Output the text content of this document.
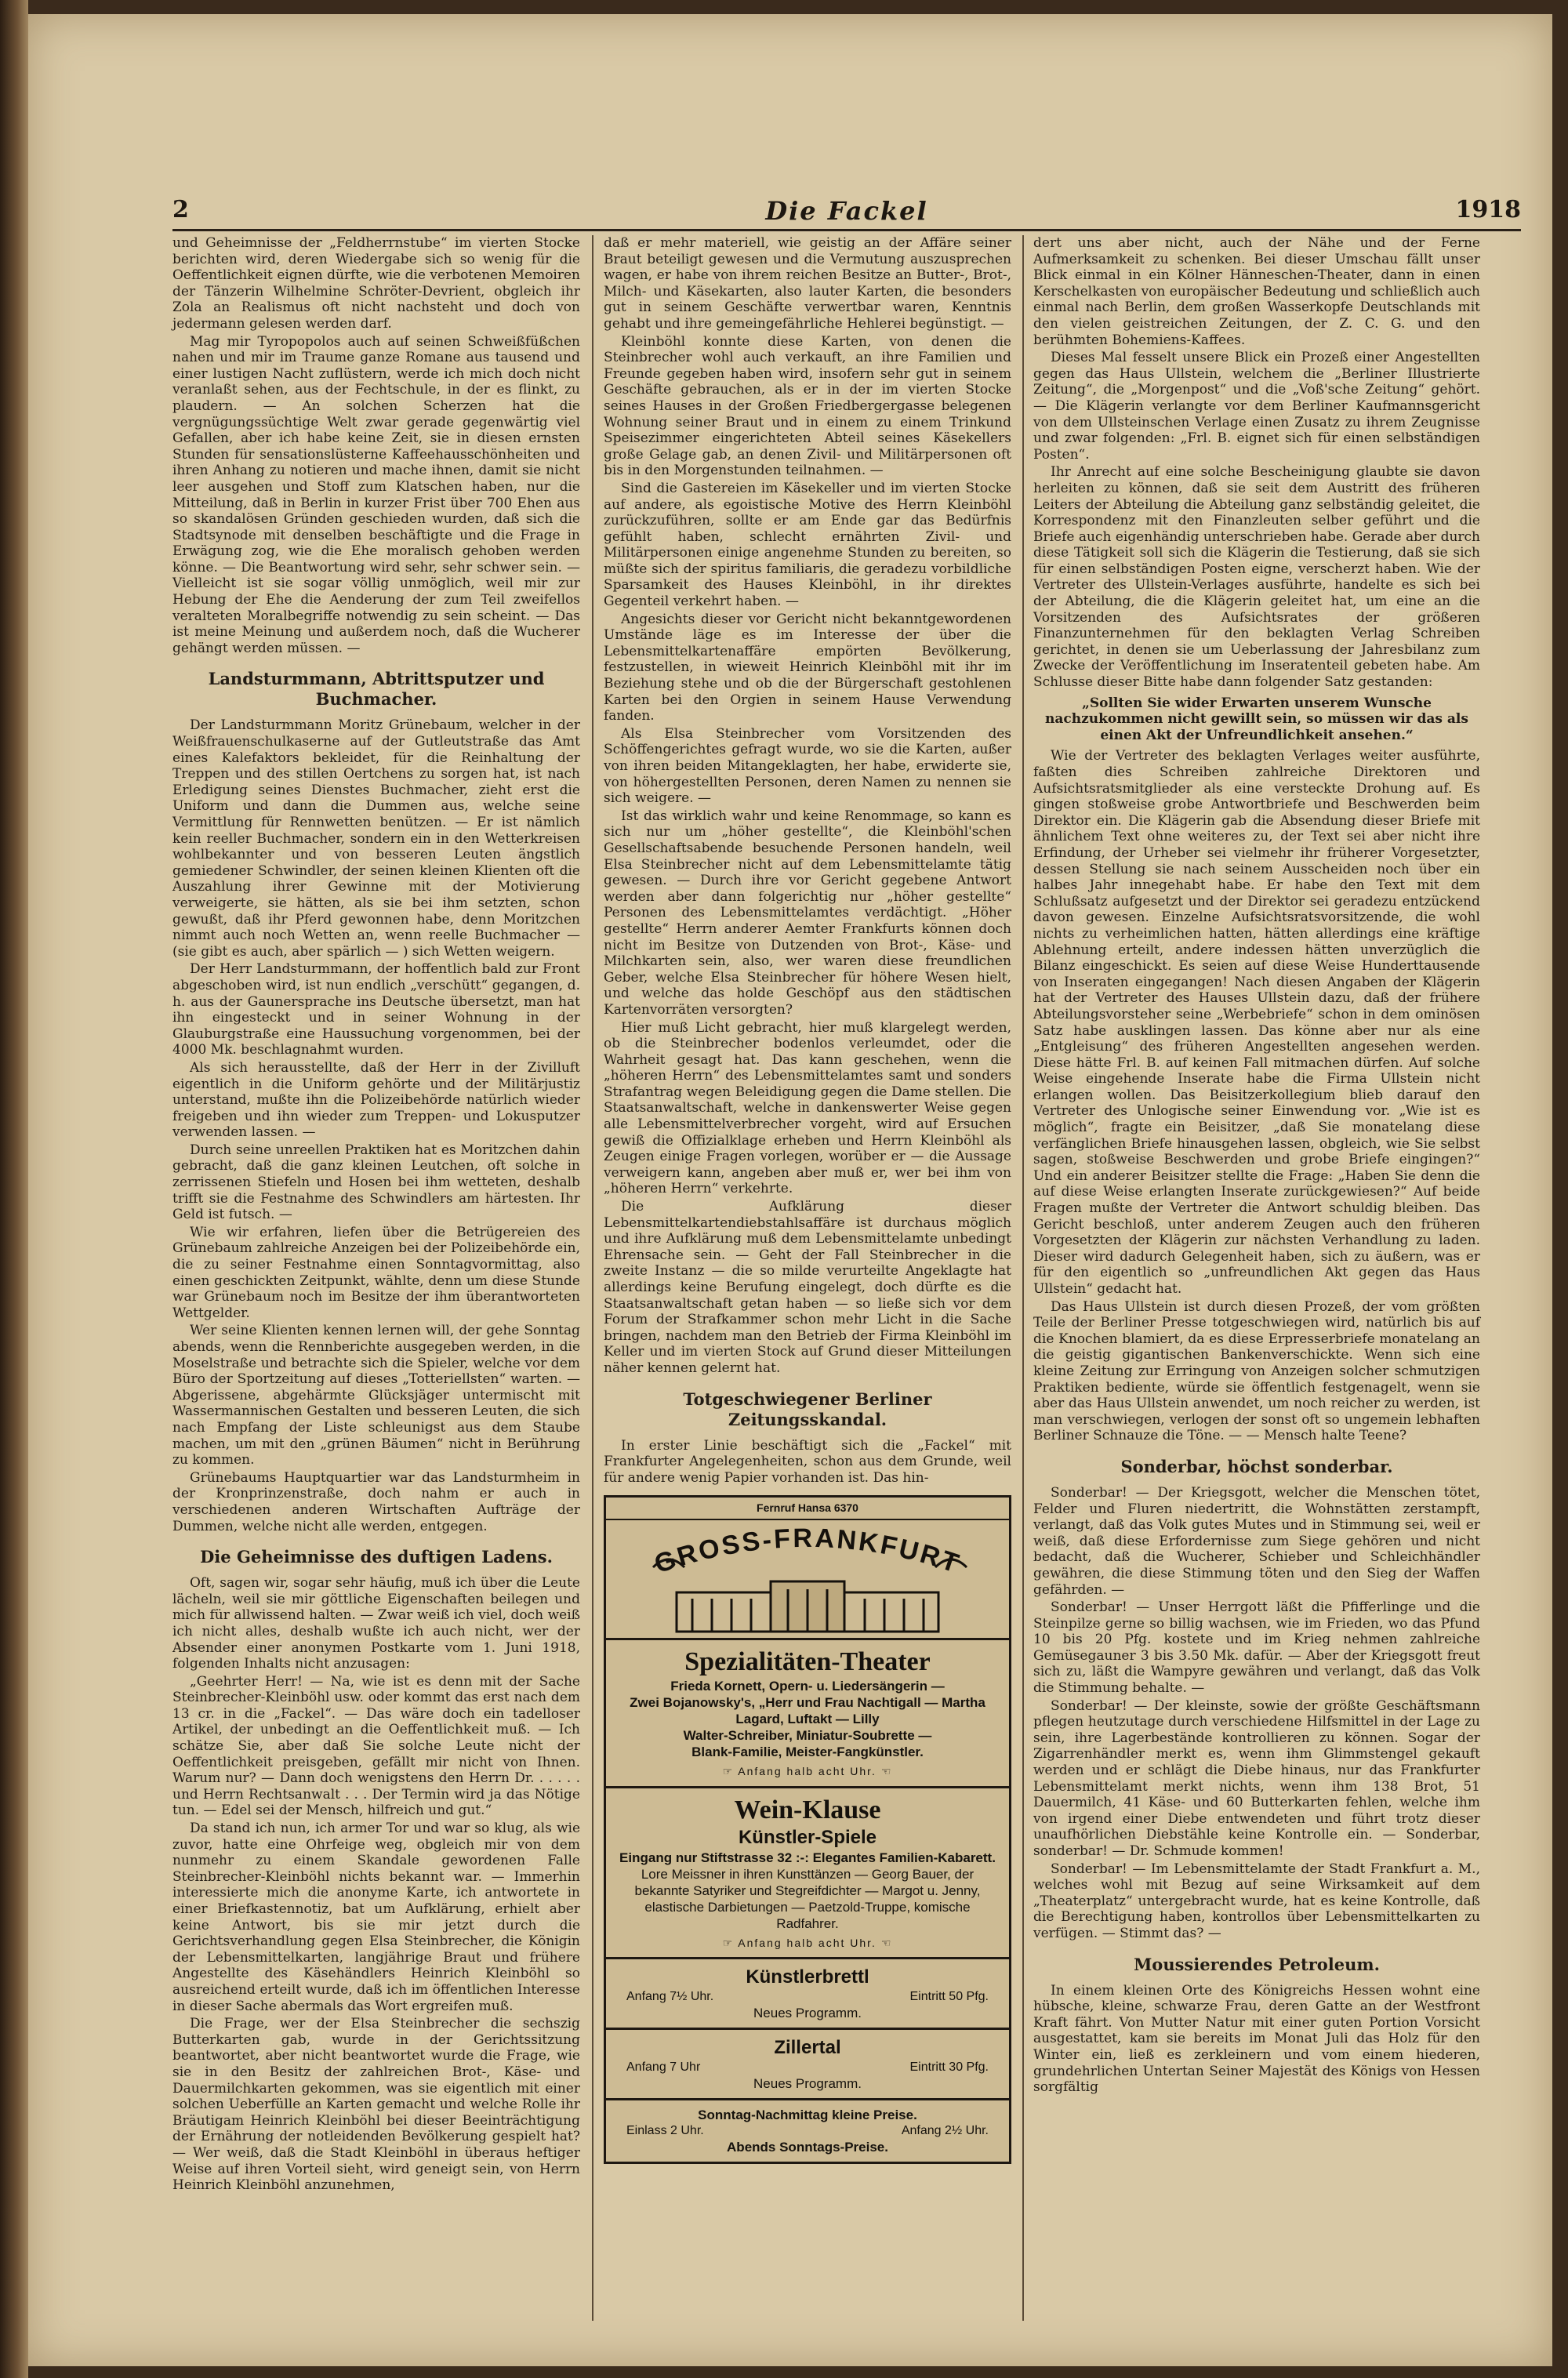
2	Die Fackel	1918

und Geheimnisse der „Feldherrnstube“ im vierten Stocke berichten wird, deren Wiedergabe sich so wenig für die Oeffentlichkeit eignen dürfte, wie die verbotenen Memoiren der Tänzerin Wilhelmine Schröter-Devrient, obgleich ihr Zola an Realismus oft nicht nachsteht und doch von jedermann gelesen werden darf.

Mag mir Tyropopolos auch auf seinen Schweißfüßchen nahen und mir im Traume ganze Romane aus tausend und einer lustigen Nacht zuflüstern, werde ich mich doch nicht veranlaßt sehen, aus der Fechtschule, in der es flinkt, zu plaudern. — An solchen Scherzen hat die vergnügungssüchtige Welt zwar gerade gegenwärtig viel Gefallen, aber ich habe keine Zeit, sie in diesen ernsten Stunden für sensationslüsterne Kaffeehausschönheiten und ihren Anhang zu notieren und mache ihnen, damit sie nicht leer ausgehen und Stoff zum Klatschen haben, nur die Mitteilung, daß in Berlin in kurzer Frist über 700 Ehen aus so skandalösen Gründen geschieden wurden, daß sich die Stadtsynode mit denselben beschäftigte und die Frage in Erwägung zog, wie die Ehe moralisch gehoben werden könne. — Die Beantwortung wird sehr, sehr schwer sein. — Vielleicht ist sie sogar völlig unmöglich, weil mir zur Hebung der Ehe die Aenderung der zum Teil zweifellos veralteten Moralbegriffe notwendig zu sein scheint. — Das ist meine Meinung und außerdem noch, daß die Wucherer gehängt werden müssen. —

Landsturmmann, Abtrittsputzer und Buchmacher.

Der Landsturmmann Moritz Grünebaum, welcher in der Weißfrauenschulkaserne auf der Gutleutstraße das Amt eines Kalefaktors bekleidet, für die Reinhaltung der Treppen und des stillen Oertchens zu sorgen hat, ist nach Erledigung seines Dienstes Buchmacher, zieht erst die Uniform und dann die Dummen aus, welche seine Vermittlung für Rennwetten benützen. — Er ist nämlich kein reeller Buchmacher, sondern ein in den Wetterkreisen wohlbekannter und von besseren Leuten ängstlich gemiedener Schwindler, der seinen kleinen Klienten oft die Auszahlung ihrer Gewinne mit der Motivierung verweigerte, sie hätten, als sie bei ihm setzten, schon gewußt, daß ihr Pferd gewonnen habe, denn Moritzchen nimmt auch noch Wetten an, wenn reelle Buchmacher — (sie gibt es auch, aber spärlich — ) sich Wetten weigern.

Der Herr Landsturmmann, der hoffentlich bald zur Front abgeschoben wird, ist nun endlich „verschütt“ gegangen, d. h. aus der Gaunersprache ins Deutsche übersetzt, man hat ihn eingesteckt und in seiner Wohnung in der Glauburgstraße eine Haussuchung vorgenommen, bei der 4000 Mk. beschlagnahmt wurden.

Als sich herausstellte, daß der Herr in der Zivilluft eigentlich in die Uniform gehörte und der Militärjustiz unterstand, mußte ihn die Polizeibehörde natürlich wieder freigeben und ihn wieder zum Treppen- und Lokusputzer verwenden lassen. —

Durch seine unreellen Praktiken hat es Moritzchen dahin gebracht, daß die ganz kleinen Leutchen, oft solche in zerrissenen Stiefeln und Hosen bei ihm wetteten, deshalb trifft sie die Festnahme des Schwindlers am härtesten. Ihr Geld ist futsch. —

Wie wir erfahren, liefen über die Betrügereien des Grünebaum zahlreiche Anzeigen bei der Polizeibehörde ein, die zu seiner Festnahme einen Sonntagvormittag, also einen geschickten Zeitpunkt, wählte, denn um diese Stunde war Grünebaum noch im Besitze der ihm überantworteten Wettgelder.

Wer seine Klienten kennen lernen will, der gehe Sonntag abends, wenn die Rennberichte ausgegeben werden, in die Moselstraße und betrachte sich die Spieler, welche vor dem Büro der Sportzeitung auf dieses „Totteriellsten“ warten. — Abgerissene, abgehärmte Glücksjäger untermischt mit Wassermannischen Gestalten und besseren Leuten, die sich nach Empfang der Liste schleunigst aus dem Staube machen, um mit den „grünen Bäumen“ nicht in Berührung zu kommen.

Grünebaums Hauptquartier war das Landsturmheim in der Kronprinzenstraße, doch nahm er auch in verschiedenen anderen Wirtschaften Aufträge der Dummen, welche nicht alle werden, entgegen.

Die Geheimnisse des duftigen Ladens.

Oft, sagen wir, sogar sehr häufig, muß ich über die Leute lächeln, weil sie mir göttliche Eigenschaften beilegen und mich für allwissend halten. — Zwar weiß ich viel, doch weiß ich nicht alles, deshalb wußte ich auch nicht, wer der Absender einer anonymen Postkarte vom 1. Juni 1918, folgenden Inhalts nicht anzusagen:

„Geehrter Herr! — Na, wie ist es denn mit der Sache Steinbrecher-Kleinböhl usw. oder kommt das erst nach dem 13 cr. in die „Fackel“. — Das wäre doch ein tadelloser Artikel, der unbedingt an die Oeffentlichkeit muß. — Ich schätze Sie, aber daß Sie solche Leute nicht der Oeffentlichkeit preisgeben, gefällt mir nicht von Ihnen. Warum nur? — Dann doch wenigstens den Herrn Dr. . . . . . und Herrn Rechtsanwalt . . . Der Termin wird ja das Nötige tun. — Edel sei der Mensch, hilfreich und gut.“

Da stand ich nun, ich armer Tor und war so klug, als wie zuvor, hatte eine Ohrfeige weg, obgleich mir von dem nunmehr zu einem Skandale gewordenen Falle Steinbrecher-Kleinböhl nichts bekannt war. — Immerhin interessierte mich die anonyme Karte, ich antwortete in einer Briefkastennotiz, bat um Aufklärung, erhielt aber keine Antwort, bis sie mir jetzt durch die Gerichtsverhandlung gegen Elsa Steinbrecher, die Königin der Lebensmittelkarten, langjährige Braut und frühere Angestellte des Käsehändlers Heinrich Kleinböhl so ausreichend erteilt wurde, daß ich im öffentlichen Interesse in dieser Sache abermals das Wort ergreifen muß.

Die Frage, wer der Elsa Steinbrecher die sechszig Butterkarten gab, wurde in der Gerichtssitzung beantwortet, aber nicht beantwortet wurde die Frage, wie sie in den Besitz der zahlreichen Brot-, Käse- und Dauermilchkarten gekommen, was sie eigentlich mit einer solchen Ueberfülle an Karten gemacht und welche Rolle ihr Bräutigam Heinrich Kleinböhl bei dieser Beeinträchtigung der Ernährung der notleidenden Bevölkerung gespielt hat? — Wer weiß, daß die Stadt Kleinböhl in überaus heftiger Weise auf ihren Vorteil sieht, wird geneigt sein, von Herrn Heinrich Kleinböhl anzunehmen,

daß er mehr materiell, wie geistig an der Affäre seiner Braut beteiligt gewesen und die Vermutung auszusprechen wagen, er habe von ihrem reichen Besitze an Butter-, Brot-, Milch- und Käsekarten, also lauter Karten, die besonders gut in seinem Geschäfte verwertbar waren, Kenntnis gehabt und ihre gemeingefährliche Hehlerei begünstigt. —

Kleinböhl konnte diese Karten, von denen die Steinbrecher wohl auch verkauft, an ihre Familien und Freunde gegeben haben wird, insofern sehr gut in seinem Geschäfte gebrauchen, als er in der im vierten Stocke seines Hauses in der Großen Friedbergergasse belegenen Wohnung seiner Braut und in einem zu einem Trinkund Speisezimmer eingerichteten Abteil seines Käsekellers große Gelage gab, an denen Zivil- und Militärpersonen oft bis in den Morgenstunden teilnahmen. —

Sind die Gastereien im Käsekeller und im vierten Stocke auf andere, als egoistische Motive des Herrn Kleinböhl zurückzuführen, sollte er am Ende gar das Bedürfnis gefühlt haben, schlecht ernährten Zivil- und Militärpersonen einige angenehme Stunden zu bereiten, so müßte sich der spiritus familiaris, die geradezu vorbildliche Sparsamkeit des Hauses Kleinböhl, in ihr direktes Gegenteil verkehrt haben. —

Angesichts dieser vor Gericht nicht bekanntgewordenen Umstände läge es im Interesse der über die Lebensmittelkartenaffäre empörten Bevölkerung, festzustellen, in wieweit Heinrich Kleinböhl mit ihr im Beziehung stehe und ob die der Bürgerschaft gestohlenen Karten bei den Orgien in seinem Hause Verwendung fanden.

Als Elsa Steinbrecher vom Vorsitzenden des Schöffengerichtes gefragt wurde, wo sie die Karten, außer von ihren beiden Mitangeklagten, her habe, erwiderte sie, von höhergestellten Personen, deren Namen zu nennen sie sich weigere. —

Ist das wirklich wahr und keine Renommage, so kann es sich nur um „höher gestellte“, die Kleinböhl'schen Gesellschaftsabende besuchende Personen handeln, weil Elsa Steinbrecher nicht auf dem Lebensmittelamte tätig gewesen. — Durch ihre vor Gericht gegebene Antwort werden aber dann folgerichtig nur „höher gestellte“ Personen des Lebensmittelamtes verdächtigt. „Höher gestellte“ Herrn anderer Aemter Frankfurts können doch nicht im Besitze von Dutzenden von Brot-, Käse- und Milchkarten sein, also, wer waren diese freundlichen Geber, welche Elsa Steinbrecher für höhere Wesen hielt, und welche das holde Geschöpf aus den städtischen Kartenvorräten versorgten?

Hier muß Licht gebracht, hier muß klargelegt werden, ob die Steinbrecher bodenlos verleumdet, oder die Wahrheit gesagt hat. Das kann geschehen, wenn die „höheren Herrn“ des Lebensmittelamtes samt und sonders Strafantrag wegen Beleidigung gegen die Dame stellen. Die Staatsanwaltschaft, welche in dankenswerter Weise gegen alle Lebensmittelverbrecher vorgeht, wird auf Ersuchen gewiß die Offizialklage erheben und Herrn Kleinböhl als Zeugen einige Fragen vorlegen, worüber er — die Aussage verweigern kann, angeben aber muß er, wer bei ihm von „höheren Herrn“ verkehrte.

Die Aufklärung dieser Lebensmittelkartendiebstahlsaffäre ist durchaus möglich und ihre Aufklärung muß dem Lebensmittelamte unbedingt Ehrensache sein. — Geht der Fall Steinbrecher in die zweite Instanz — die so milde verurteilte Angeklagte hat allerdings keine Berufung eingelegt, doch dürfte es die Staatsanwaltschaft getan haben — so ließe sich vor dem Forum der Strafkammer schon mehr Licht in die Sache bringen, nachdem man den Betrieb der Firma Kleinböhl im Keller und im vierten Stock auf Grund dieser Mitteilungen näher kennen gelernt hat.

Totgeschwiegener Berliner Zeitungsskandal.

In erster Linie beschäftigt sich die „Fackel“ mit Frankfurter Angelegenheiten, schon aus dem Grunde, weil für andere wenig Papier vorhanden ist. Das hin-

Fernruf Hansa 6370
GROSS-FRANKFURT
Spezialitäten-Theater
Frieda Kornett, Opern- u. Liedersängerin —
Zwei Bojanowsky's, „Herr und Frau Nachtigall — Martha Lagard, Luftakt — Lilly
Walter-Schreiber, Miniatur-Soubrette —
Blank-Familie, Meister-Fangkünstler.
☞ Anfang halb acht Uhr. ☜
Wein-Klause
Künstler-Spiele
Eingang nur Stiftstrasse 32 :-: Elegantes Familien-Kabarett.
Lore Meissner in ihren Kunsttänzen — Georg Bauer, der bekannte Satyriker und Stegreifdichter — Margot u. Jenny, elastische Darbietungen — Paetzold-Truppe, komische Radfahrer.
☞ Anfang halb acht Uhr. ☜
Künstlerbrettl
Anfang 7½ Uhr.	Eintritt 50 Pfg.
Neues Programm.
Zillertal
Anfang 7 Uhr	Eintritt 30 Pfg.
Neues Programm.
Sonntag-Nachmittag kleine Preise.
Einlass 2 Uhr.	Anfang 2½ Uhr.
Abends Sonntags-Preise.

dert uns aber nicht, auch der Nähe und der Ferne Aufmerksamkeit zu schenken. Bei dieser Umschau fällt unser Blick einmal in ein Kölner Hänneschen-Theater, dann in einen Kerschelkasten von europäischer Bedeutung und schließlich auch einmal nach Berlin, dem großen Wasserkopfe Deutschlands mit den vielen geistreichen Zeitungen, der Z. C. G. und den berühmten Bohemiens-Kaffees.

Dieses Mal fesselt unsere Blick ein Prozeß einer Angestellten gegen das Haus Ullstein, welchem die „Berliner Illustrierte Zeitung“, die „Morgenpost“ und die „Voß'sche Zeitung“ gehört. — Die Klägerin verlangte vor dem Berliner Kaufmannsgericht von dem Ullsteinschen Verlage einen Zusatz zu ihrem Zeugnisse und zwar folgenden: „Frl. B. eignet sich für einen selbständigen Posten“.

Ihr Anrecht auf eine solche Bescheinigung glaubte sie davon herleiten zu können, daß sie seit dem Austritt des früheren Leiters der Abteilung die Abteilung ganz selbständig geleitet, die Korrespondenz mit den Finanzleuten selber geführt und die Briefe auch eigenhändig unterschrieben habe. Gerade aber durch diese Tätigkeit soll sich die Klägerin die Testierung, daß sie sich für einen selbständigen Posten eigne, verscherzt haben. Wie der Vertreter des Ullstein-Verlages ausführte, handelte es sich bei der Abteilung, die die Klägerin geleitet hat, um eine an die Vorsitzenden des Aufsichtsrates der größeren Finanzunternehmen für den beklagten Verlag Schreiben gerichtet, in denen sie um Ueberlassung der Jahresbilanz zum Zwecke der Veröffentlichung im Inseratenteil gebeten habe. Am Schlusse dieser Bitte habe dann folgender Satz gestanden:

„Sollten Sie wider Erwarten unserem Wunsche nachzukommen nicht gewillt sein, so müssen wir das als einen Akt der Unfreundlichkeit ansehen.“

Wie der Vertreter des beklagten Verlages weiter ausführte, faßten dies Schreiben zahlreiche Direktoren und Aufsichtsratsmitglieder als eine versteckte Drohung auf. Es gingen stoßweise grobe Antwortbriefe und Beschwerden beim Direktor ein. Die Klägerin gab die Absendung dieser Briefe mit ähnlichem Text ohne weiteres zu, der Text sei aber nicht ihre Erfindung, der Urheber sei vielmehr ihr früherer Vorgesetzter, dessen Stellung sie nach seinem Ausscheiden noch über ein halbes Jahr innegehabt habe. Er habe den Text mit dem Schlußsatz aufgesetzt und der Direktor sei geradezu entzückend davon gewesen. Einzelne Aufsichtsratsvorsitzende, die wohl nichts zu verheimlichen hatten, hätten allerdings eine kräftige Ablehnung erteilt, andere indessen hätten unverzüglich die Bilanz eingeschickt. Es seien auf diese Weise Hunderttausende von Inseraten eingegangen! Nach diesen Angaben der Klägerin hat der Vertreter des Hauses Ullstein dazu, daß der frühere Abteilungsvorsteher seine „Werbebriefe“ schon in dem ominösen Satz habe ausklingen lassen. Das könne aber nur als eine „Entgleisung“ des früheren Angestellten angesehen werden. Diese hätte Frl. B. auf keinen Fall mitmachen dürfen. Auf solche Weise eingehende Inserate habe die Firma Ullstein nicht erlangen wollen. Das Beisitzerkollegium blieb darauf den Vertreter des Unlogische seiner Einwendung vor. „Wie ist es möglich“, fragte ein Beisitzer, „daß Sie monatelang diese verfänglichen Briefe hinausgehen lassen, obgleich, wie Sie selbst sagen, stoßweise Beschwerden und grobe Briefe eingingen?“ Und ein anderer Beisitzer stellte die Frage: „Haben Sie denn die auf diese Weise erlangten Inserate zurückgewiesen?“ Auf beide Fragen mußte der Vertreter die Antwort schuldig bleiben. Das Gericht beschloß, unter anderem Zeugen auch den früheren Vorgesetzten der Klägerin zur nächsten Verhandlung zu laden. Dieser wird dadurch Gelegenheit haben, sich zu äußern, was er für den eigentlich so „unfreundlichen Akt gegen das Haus Ullstein“ gedacht hat.

Das Haus Ullstein ist durch diesen Prozeß, der vom größten Teile der Berliner Presse totgeschwiegen wird, natürlich bis auf die Knochen blamiert, da es diese Erpresserbriefe monatelang an die geistig gigantischen Bankenverschickte. Wenn sich eine kleine Zeitung zur Erringung von Anzeigen solcher schmutzigen Praktiken bediente, würde sie öffentlich festgenagelt, wenn sie aber das Haus Ullstein anwendet, um noch reicher zu werden, ist man verschwiegen, verlogen der sonst oft so ungemein lebhaften Berliner Schnauze die Töne. — — Mensch halte Teene?

Sonderbar, höchst sonderbar.

Sonderbar! — Der Kriegsgott, welcher die Menschen tötet, Felder und Fluren niedertritt, die Wohnstätten zerstampft, verlangt, daß das Volk gutes Mutes und in Stimmung sei, weil er weiß, daß diese Erfordernisse zum Siege gehören und nicht bedacht, daß die Wucherer, Schieber und Schleichhändler gewähren, die diese Stimmung töten und den Sieg der Waffen gefährden. —

Sonderbar! — Unser Herrgott läßt die Pfifferlinge und die Steinpilze gerne so billig wachsen, wie im Frieden, wo das Pfund 10 bis 20 Pfg. kostete und im Krieg nehmen zahlreiche Gemüsegauner 3 bis 3.50 Mk. dafür. — Aber der Kriegsgott freut sich zu, läßt die Wampyre gewähren und verlangt, daß das Volk die Stimmung behalte. —

Sonderbar! — Der kleinste, sowie der größte Geschäftsmann pflegen heutzutage durch verschiedene Hilfsmittel in der Lage zu sein, ihre Lagerbestände kontrollieren zu können. Sogar der Zigarrenhändler merkt es, wenn ihm Glimmstengel gekauft werden und er schlägt die Diebe hinaus, nur das Frankfurter Lebensmittelamt merkt nichts, wenn ihm 138 Brot, 51 Dauermilch, 41 Käse- und 60 Butterkarten fehlen, welche ihm von irgend einer Diebe entwendeten und führt trotz dieser unaufhörlichen Diebstähle keine Kontrolle ein. — Sonderbar, sonderbar! — Dr. Schmude kommen!

Sonderbar! — Im Lebensmittelamte der Stadt Frankfurt a. M., welches wohl mit Bezug auf seine Wirksamkeit auf dem „Theaterplatz“ untergebracht wurde, hat es keine Kontrolle, daß die Berechtigung haben, kontrollos über Lebensmittelkarten zu verfügen. — Stimmt das? —

Moussierendes Petroleum.

In einem kleinen Orte des Königreichs Hessen wohnt eine hübsche, kleine, schwarze Frau, deren Gatte an der Westfront Kraft fährt. Von Mutter Natur mit einer guten Portion Vorsicht ausgestattet, kam sie bereits im Monat Juli das Holz für den Winter ein, ließ es zerkleinern und vom einem hiederen, grundehrlichen Untertan Seiner Majestät des Königs von Hessen sorgfältig
